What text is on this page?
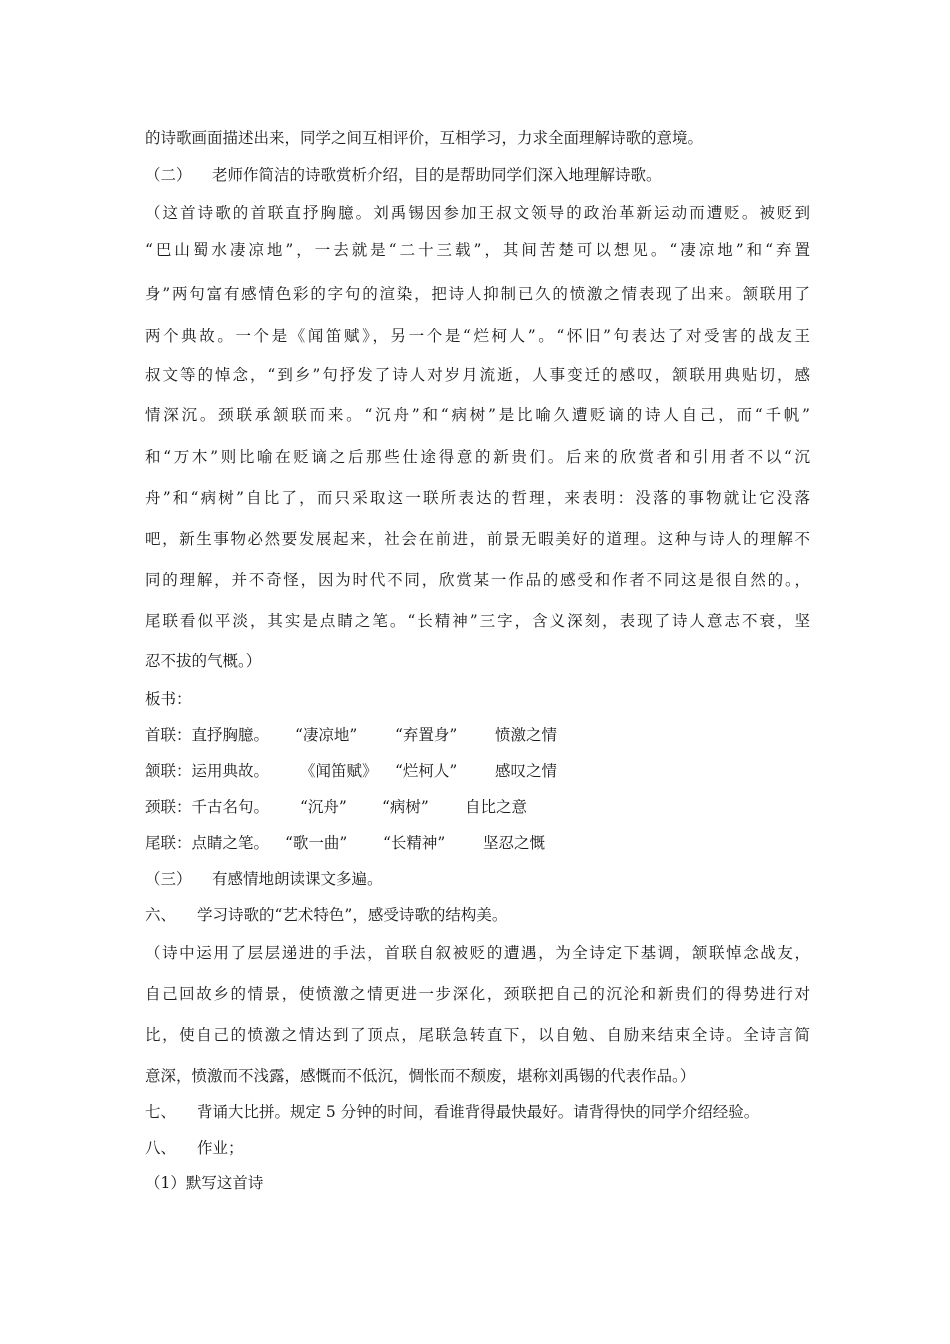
的诗歌画面描述出来，同学之间互相评价，互相学习，力求全面理解诗歌的意境。
（二） 老师作简洁的诗歌赏析介绍，目的是帮助同学们深入地理解诗歌。
（这首诗歌的首联直抒胸臆。刘禹锡因参加王叔文领导的政治革新运动而遭贬。被贬到
“巴山蜀水凄凉地”，一去就是“二十三载”，其间苦楚可以想见。“凄凉地”和“弃置
身”两句富有感情色彩的字句的渲染，把诗人抑制已久的愤激之情表现了出来。颔联用了
两个典故。一个是《闻笛赋》，另一个是“烂柯人”。“怀旧”句表达了对受害的战友王
叔文等的悼念，“到乡”句抒发了诗人对岁月流逝，人事变迁的感叹，颔联用典贴切，感
情深沉。颈联承颔联而来。“沉舟”和“病树”是比喻久遭贬谪的诗人自己，而“千帆”
和“万木”则比喻在贬谪之后那些仕途得意的新贵们。后来的欣赏者和引用者不以“沉
舟”和“病树”自比了，而只采取这一联所表达的哲理，来表明：没落的事物就让它没落
吧，新生事物必然要发展起来，社会在前进，前景无暇美好的道理。这种与诗人的理解不
同的理解，并不奇怪，因为时代不同，欣赏某一作品的感受和作者不同这是很自然的。，
尾联看似平淡，其实是点睛之笔。“长精神”三字，含义深刻，表现了诗人意志不衰，坚
忍不拔的气概。）
板书：
首联：直抒胸臆。 “凄凉地” “弃置身” 愤激之情
颔联：运用典故。 《闻笛赋》 “烂柯人” 感叹之情
颈联：千古名句。 “沉舟” “病树” 自比之意
尾联：点睛之笔。 “歌一曲” “长精神” 坚忍之慨
（三） 有感情地朗读课文多遍。
六、 学习诗歌的“艺术特色”，感受诗歌的结构美。
（诗中运用了层层递进的手法，首联自叙被贬的遭遇，为全诗定下基调，颔联悼念战友，
自己回故乡的情景，使愤激之情更进一步深化，颈联把自己的沉沦和新贵们的得势进行对
比，使自己的愤激之情达到了顶点，尾联急转直下，以自勉、自励来结束全诗。全诗言简
意深，愤激而不浅露，感慨而不低沉，惆怅而不颓废，堪称刘禹锡的代表作品。）
七、 背诵大比拼。规定 5 分钟的时间，看谁背得最快最好。请背得快的同学介绍经验。
八、 作业；
（1）默写这首诗
